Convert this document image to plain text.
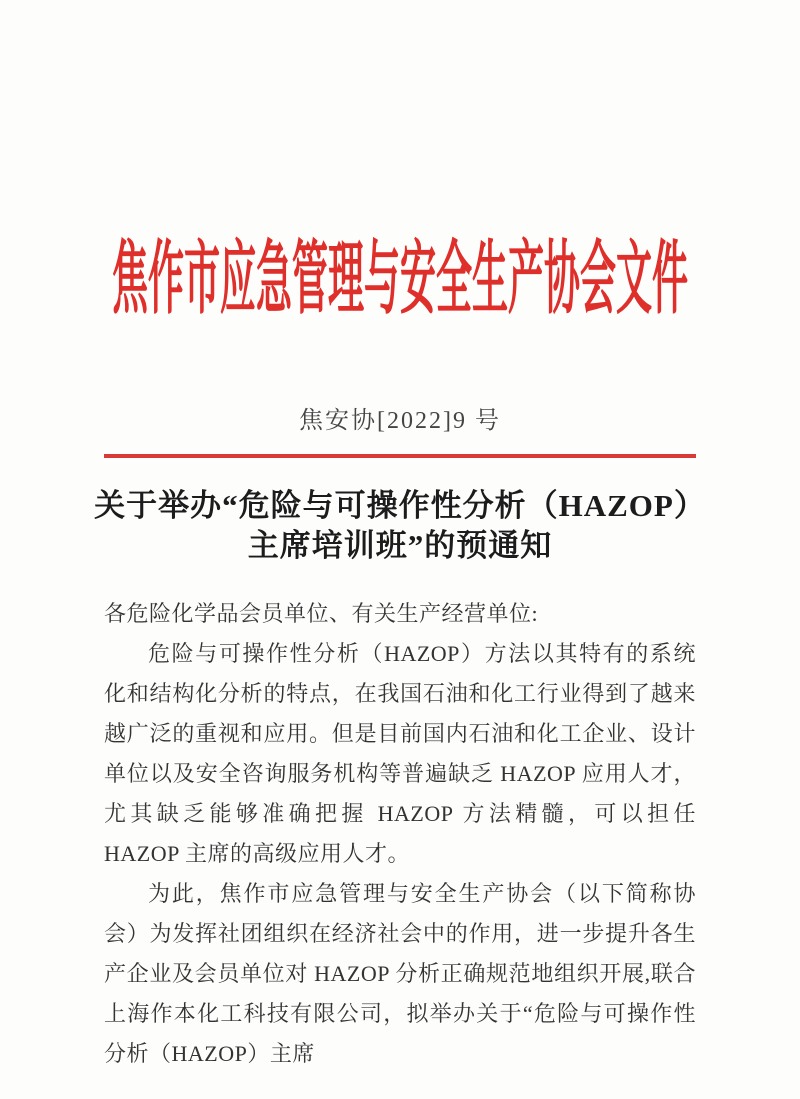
焦作市应急管理与安全生产协会文件
焦安协[2022]9 号
关于举办“危险与可操作性分析（HAZOP）
主席培训班”的预通知

各危险化学品会员单位、有关生产经营单位:

危险与可操作性分析（HAZOP）方法以其特有的系统化和结构化分析的特点，在我国石油和化工行业得到了越来越广泛的重视和应用。但是目前国内石油和化工企业、设计单位以及安全咨询服务机构等普遍缺乏 HAZOP 应用人才，尤其缺乏能够准确把握 HAZOP 方法精髓，可以担任 HAZOP 主席的高级应用人才。

为此，焦作市应急管理与安全生产协会（以下简称协会）为发挥社团组织在经济社会中的作用，进一步提升各生产企业及会员单位对 HAZOP 分析正确规范地组织开展,联合上海作本化工科技有限公司，拟举办关于“危险与可操作性分析（HAZOP）主席
